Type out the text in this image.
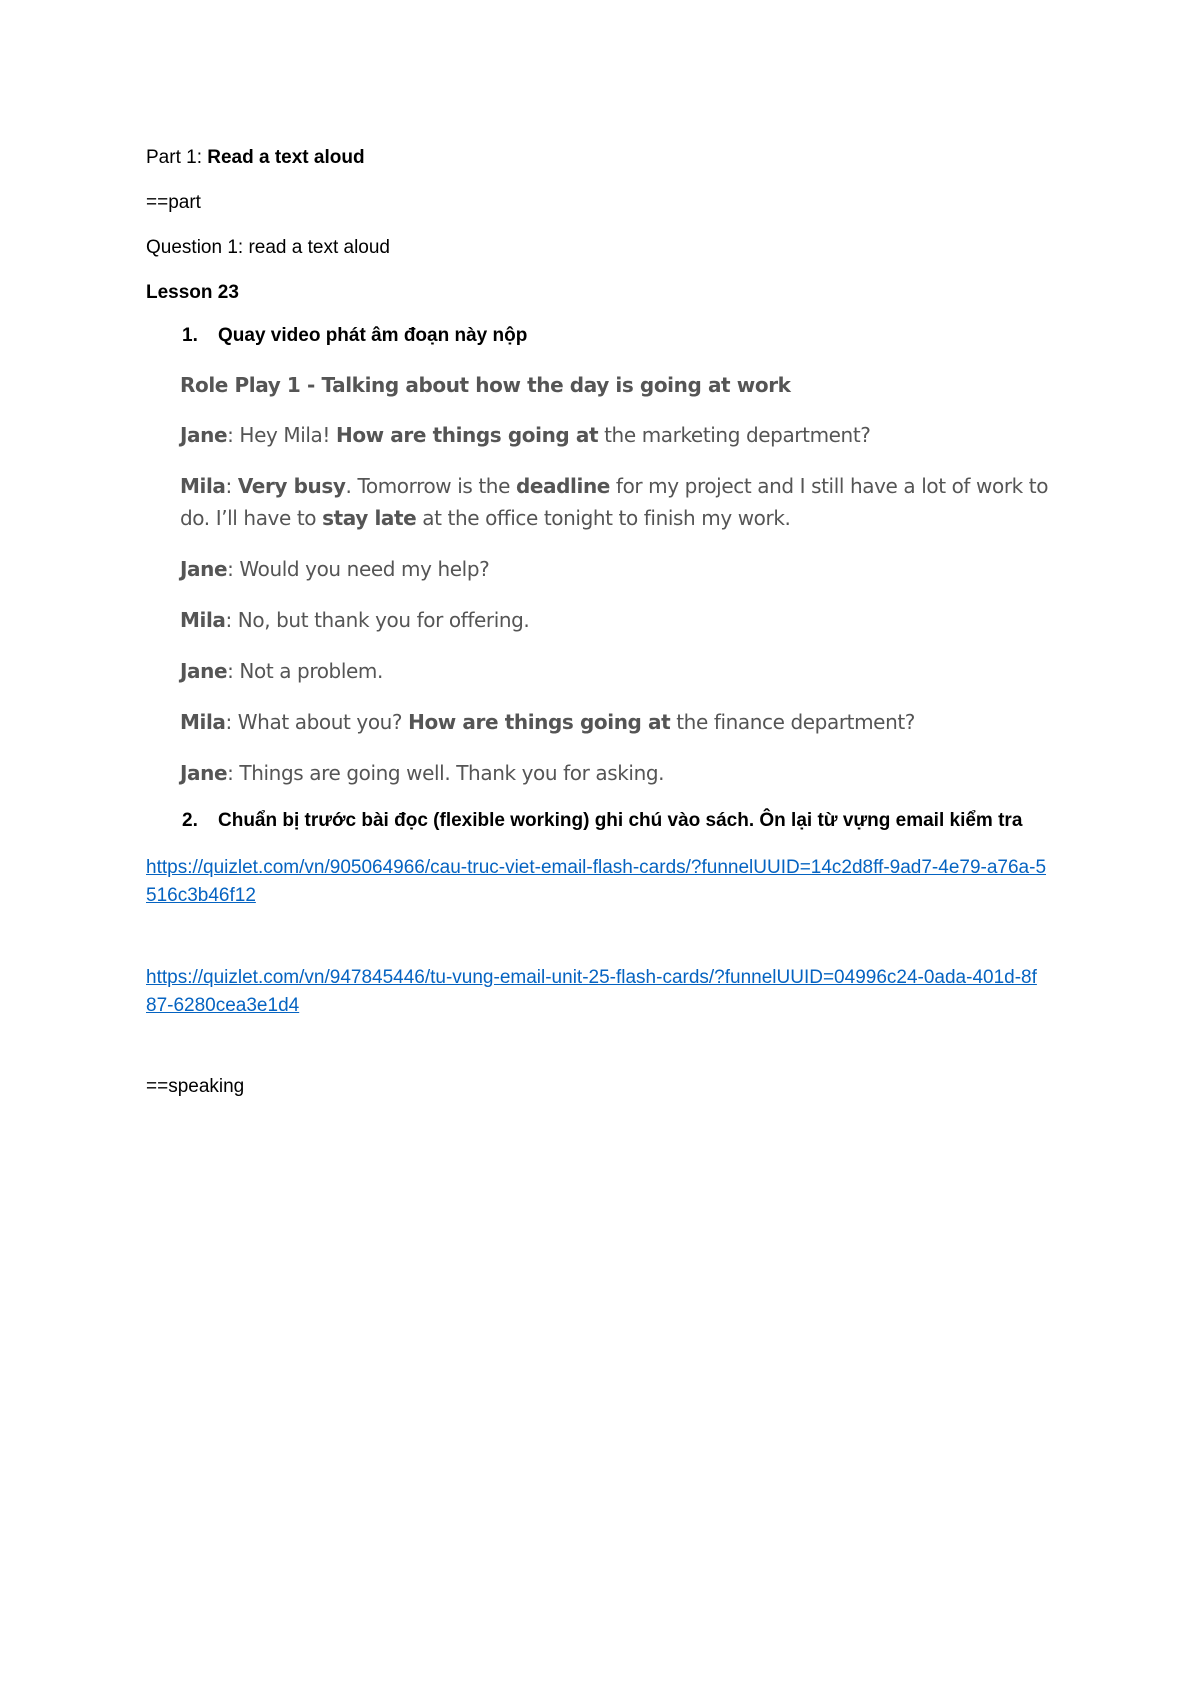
Part 1: Read a text aloud
==part
Question 1: read a text aloud
Lesson 23
1.	Quay video phát âm đoạn này nộp
Role Play 1 - Talking about how the day is going at work
Jane: Hey Mila! How are things going at the marketing department?
Mila: Very busy. Tomorrow is the deadline for my project and I still have a lot of work to do. I’ll have to stay late at the office tonight to finish my work.
Jane: Would you need my help?
Mila: No, but thank you for offering.
Jane: Not a problem.
Mila: What about you? How are things going at the finance department?
Jane: Things are going well. Thank you for asking.
2.	Chuẩn bị trước bài đọc (flexible working) ghi chú vào sách. Ôn lại từ vựng email kiểm tra
https://quizlet.com/vn/905064966/cau-truc-viet-email-flash-cards/?funnelUUID=14c2d8ff-9ad7-4e79-a76a-5516c3b46f12
https://quizlet.com/vn/947845446/tu-vung-email-unit-25-flash-cards/?funnelUUID=04996c24-0ada-401d-8f87-6280cea3e1d4
==speaking
